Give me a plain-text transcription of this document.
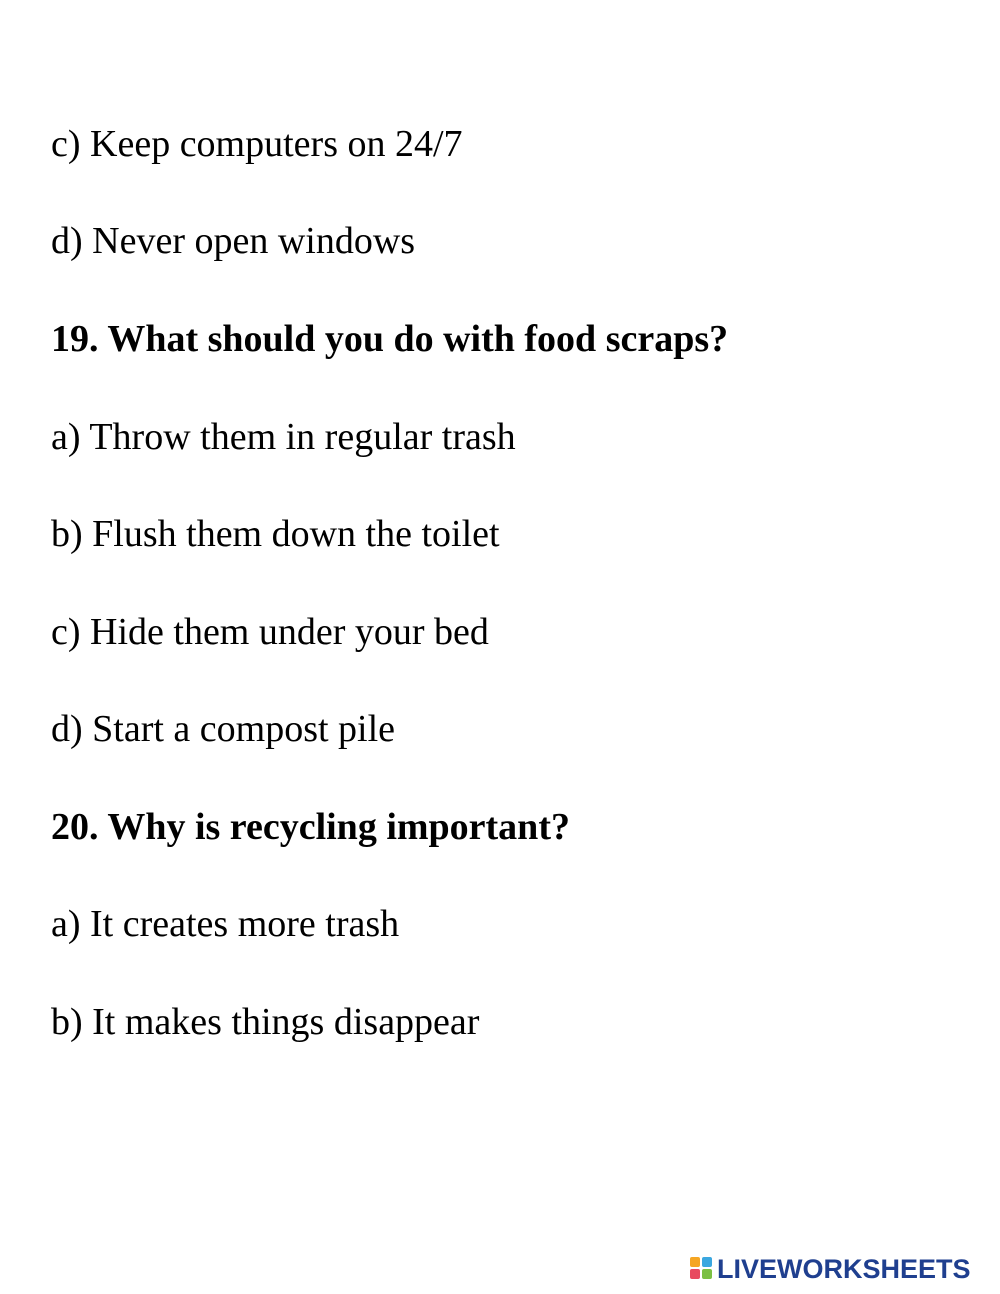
c) Keep computers on 24/7
d) Never open windows
19. What should you do with food scraps?
a) Throw them in regular trash
b) Flush them down the toilet
c) Hide them under your bed
d) Start a compost pile
20. Why is recycling important?
a) It creates more trash
b) It makes things disappear
LIVEWORKSHEETS
